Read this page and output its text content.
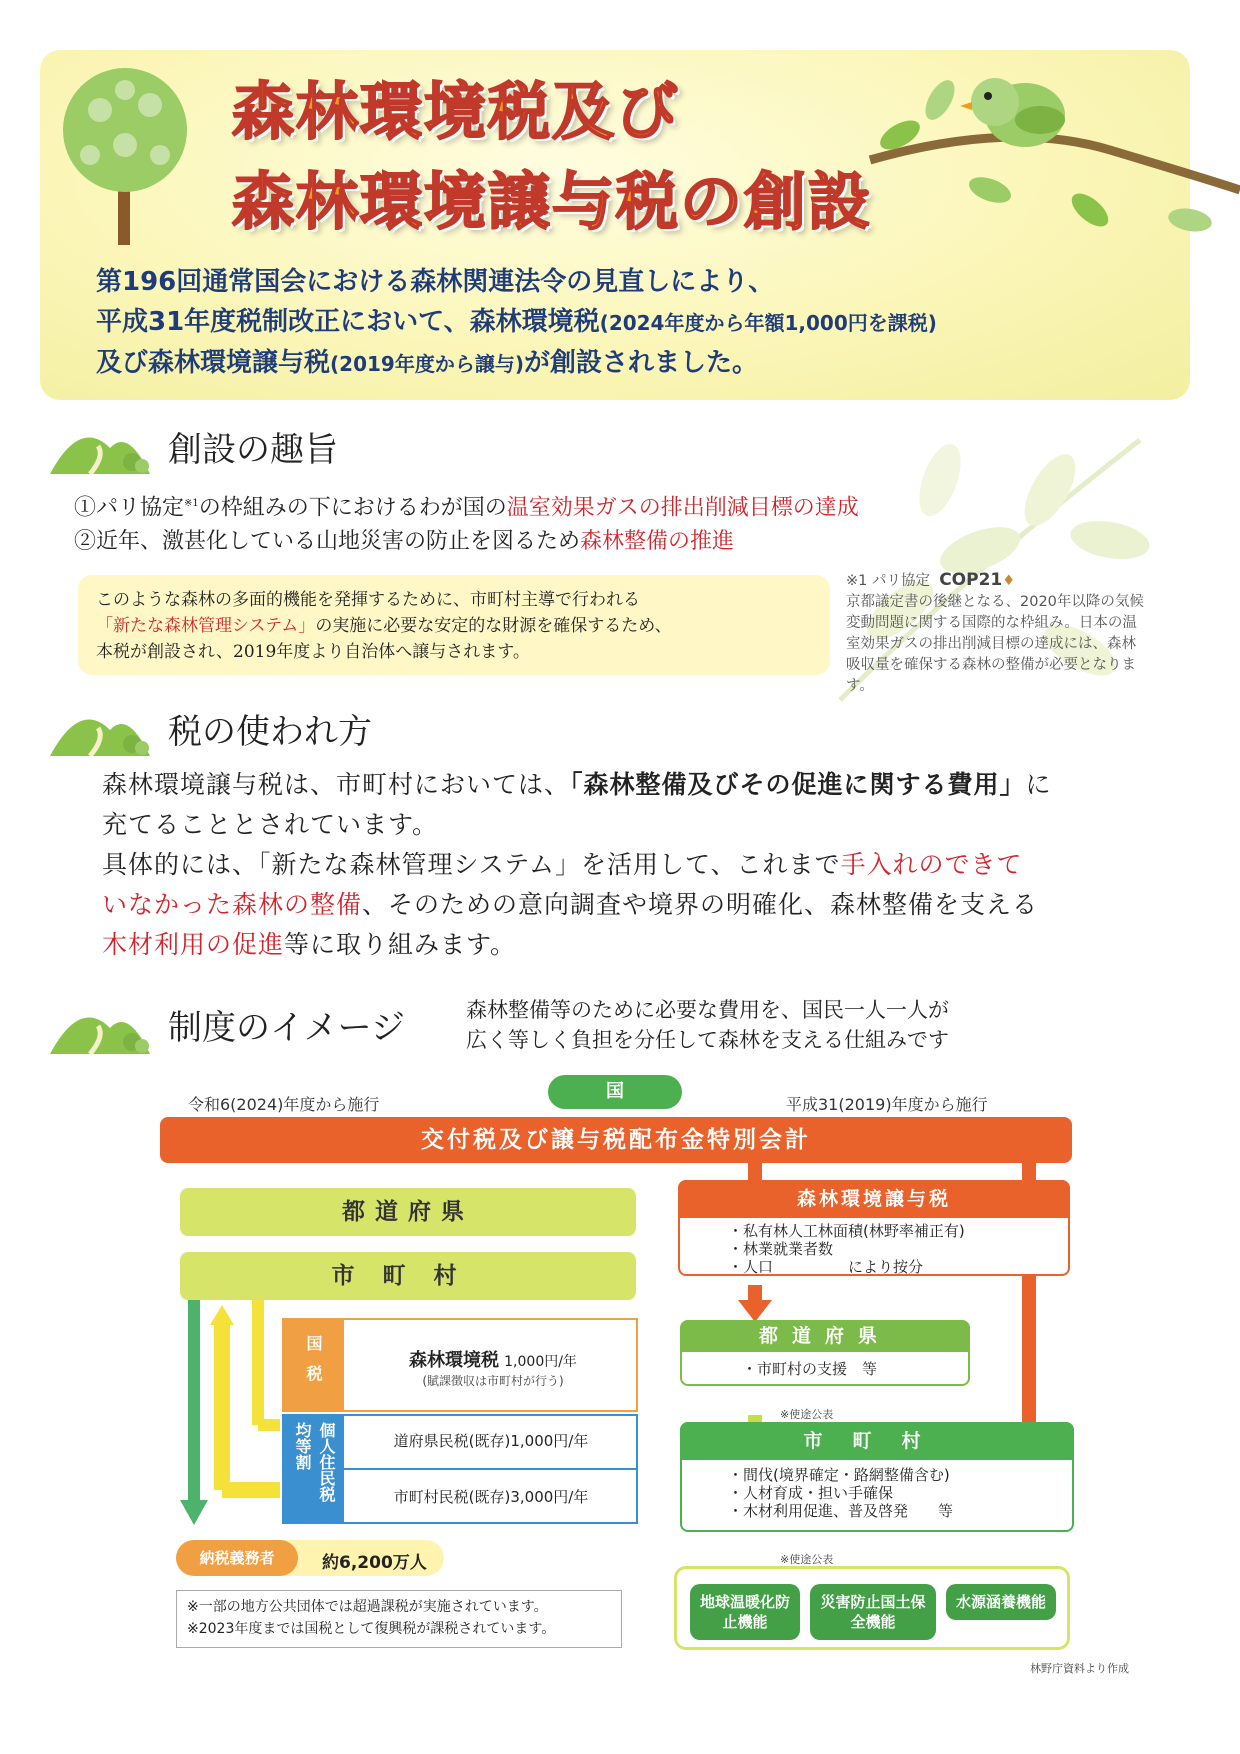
森林環境税及び
森林環境譲与税の創設
第196回通常国会における森林関連法令の見直しにより、
平成31年度税制改正において、森林環境税(2024年度から年額1,000円を課税)
及び森林環境譲与税(2019年度から譲与)が創設されました。
創設の趣旨
①パリ協定$^{※1}$の枠組みの下におけるわが国の温室効果ガスの排出削減目標の達成
②近年、激甚化している山地災害の防止を図るため森林整備の推進
このような森林の多面的機能を発揮するために、市町村主導で行われる
「新たな森林管理システム」の実施に必要な安定的な財源を確保するため、
本税が創設され、2019年度より自治体へ譲与されます。
※1 パリ協定 COP21♦
京都議定書の後継となる、2020年以降の気候変動問題に関する国際的な枠組み。日本の温室効果ガスの排出削減目標の達成には、森林吸収量を確保する森林の整備が必要となります。
税の使われ方
森林環境譲与税は、市町村においては、「森林整備及びその促進に関する費用」に
充てることとされています。
具体的には、「新たな森林管理システム」を活用して、これまで手入れのできて
いなかった森林の整備、そのための意向調査や境界の明確化、森林整備を支える
木材利用の促進等に取り組みます。
制度のイメージ	森林整備等のために必要な費用を、国民一人一人が
広く等しく負担を分任して森林を支える仕組みです
令和6(2024)年度から施行	平成31(2019)年度から施行
国
交付税及び譲与税配布金特別会計
都道府県
市町村
国税	森林環境税 1,000円/年
(賦課徴収は市町村が行う)
個人住民税均等割	道府県民税(既存)1,000円/年
市町村民税(既存)3,000円/年
納税義務者	約6,200万人
※一部の地方公共団体では超過課税が実施されています。
※2023年度までは国税として復興税が課税されています。
森林環境譲与税
・私有林人工林面積(林野率補正有)
・林業就業者数
・人口　　　　　により按分
都道府県
・市町村の支援　等
※使途公表
市町村
・間伐(境界確定・路網整備含む)
・人材育成・担い手確保
・木材利用促進、普及啓発　　等
※使途公表
地球温暖化防止機能
災害防止国土保全機能
水源涵養機能
林野庁資料より作成
